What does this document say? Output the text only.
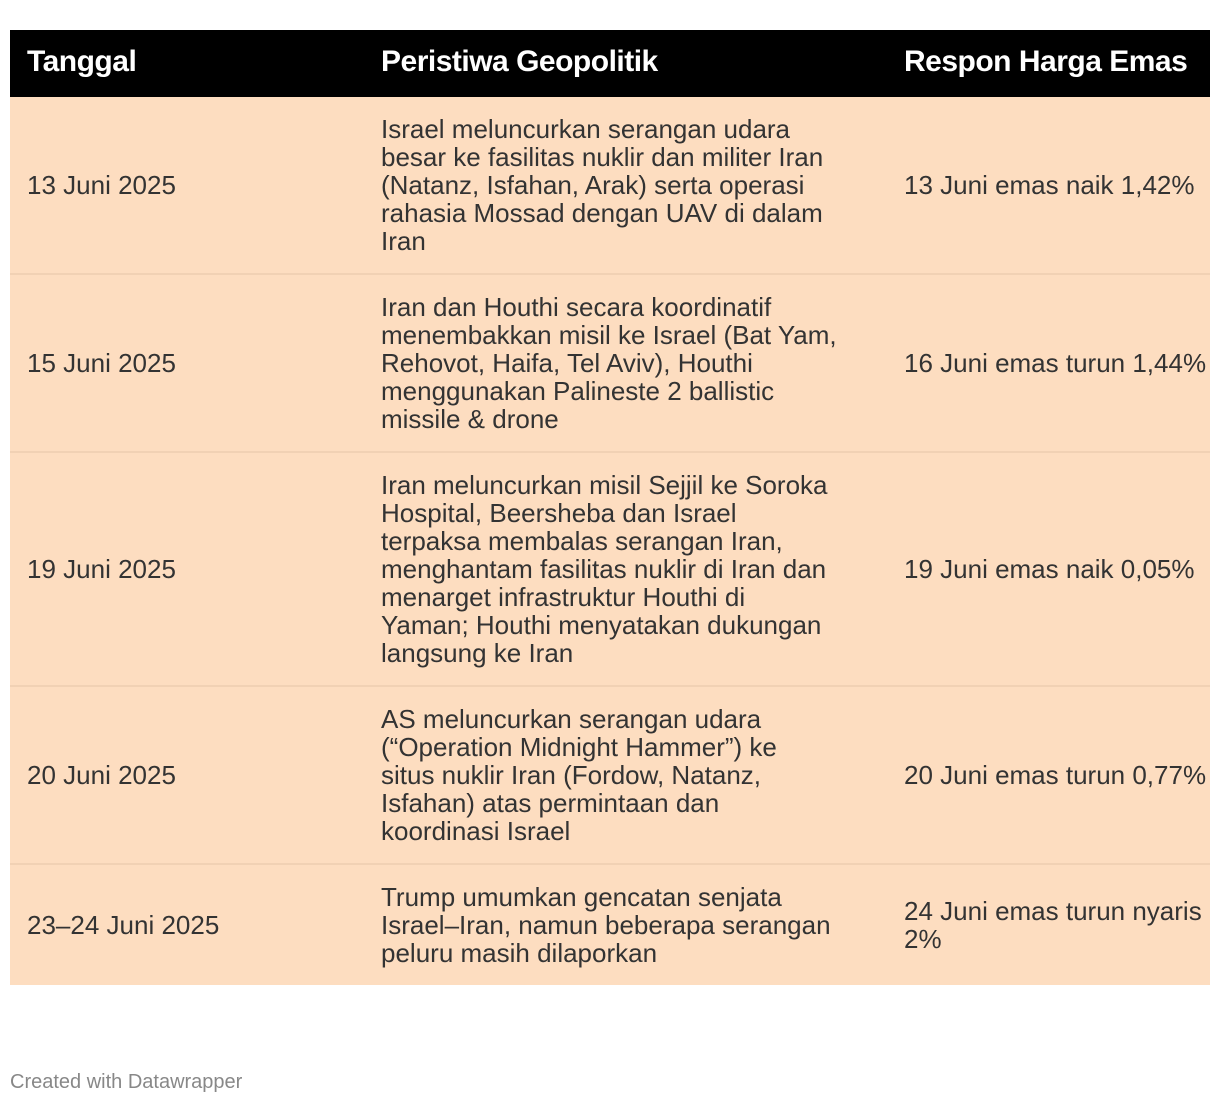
Tanggal	Peristiwa Geopolitik	Respon Harga Emas
13 Juni 2025	Israel meluncurkan serangan udara besar ke fasilitas nuklir dan militer Iran (Natanz, Isfahan, Arak) serta operasi rahasia Mossad dengan UAV di dalam Iran	13 Juni emas naik 1,42%
15 Juni 2025	Iran dan Houthi secara koordinatif menembakkan misil ke Israel (Bat Yam, Rehovot, Haifa, Tel Aviv), Houthi menggunakan Palineste 2 ballistic missile & drone	16 Juni emas turun 1,44%
19 Juni 2025	Iran meluncurkan misil Sejjil ke Soroka Hospital, Beersheba dan Israel terpaksa membalas serangan Iran, menghantam fasilitas nuklir di Iran dan menarget infrastruktur Houthi di Yaman; Houthi menyatakan dukungan langsung ke Iran	19 Juni emas naik 0,05%
20 Juni 2025	AS meluncurkan serangan udara (“Operation Midnight Hammer”) ke situs nuklir Iran (Fordow, Natanz, Isfahan) atas permintaan dan koordinasi Israel	20 Juni emas turun 0,77%
23–24 Juni 2025	Trump umumkan gencatan senjata Israel–Iran, namun beberapa serangan peluru masih dilaporkan	24 Juni emas turun nyaris 2%
Created with Datawrapper
